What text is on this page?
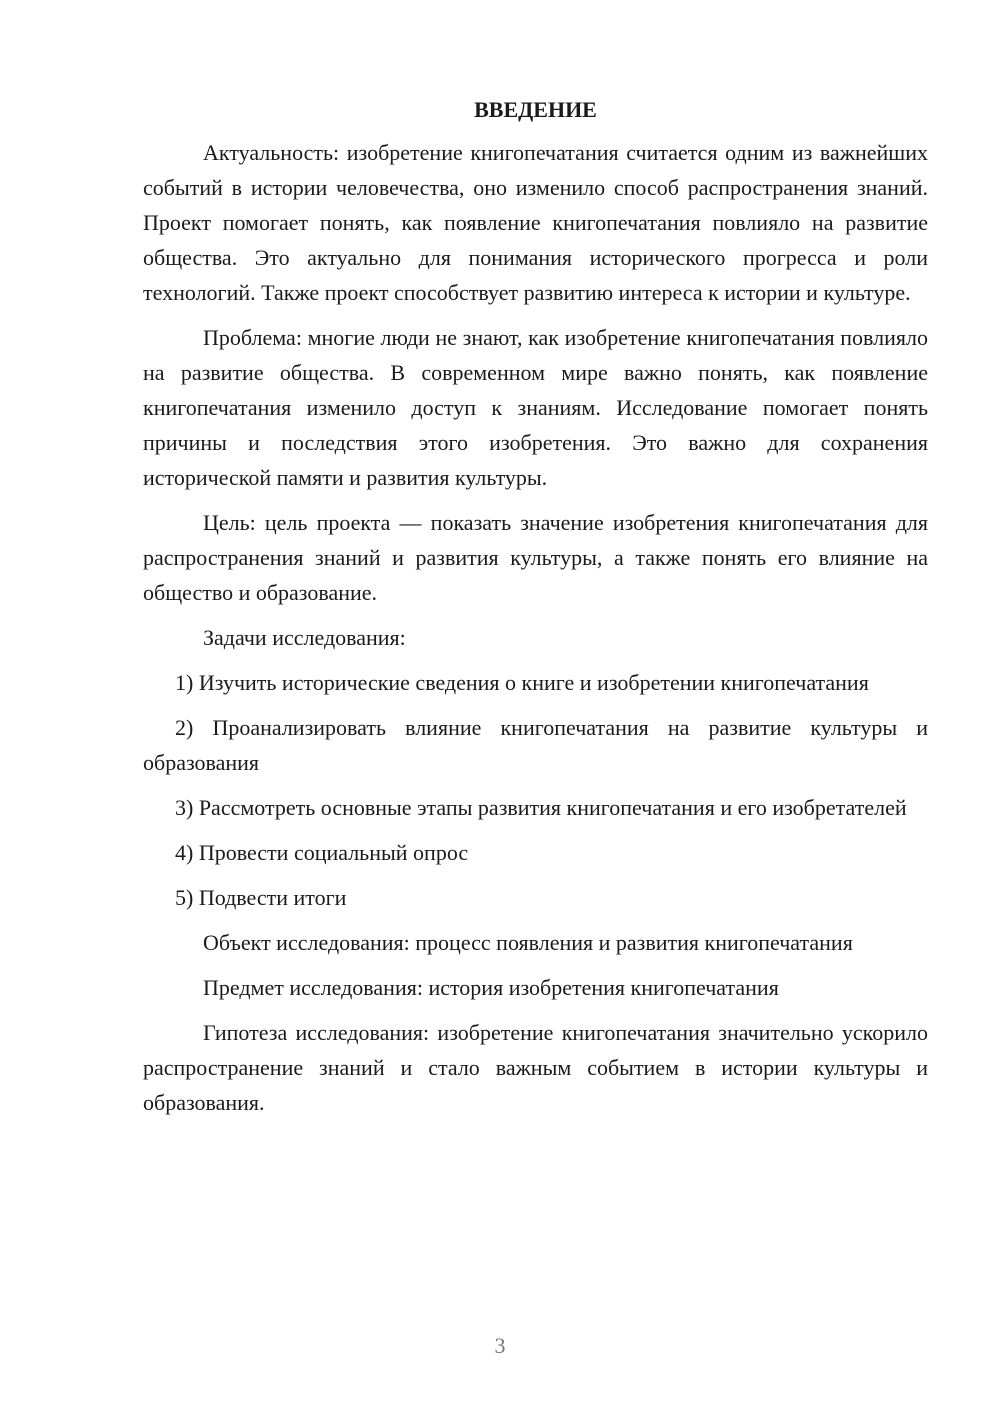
ВВЕДЕНИЕ

Актуальность: изобретение книгопечатания считается одним из важнейших событий в истории человечества, оно изменило способ распространения знаний. Проект помогает понять, как появление книгопечатания повлияло на развитие общества. Это актуально для понимания исторического прогресса и роли технологий. Также проект способствует развитию интереса к истории и культуре.

Проблема: многие люди не знают, как изобретение книгопечатания повлияло на развитие общества. В современном мире важно понять, как появление книгопечатания изменило доступ к знаниям. Исследование помогает понять причины и последствия этого изобретения. Это важно для сохранения исторической памяти и развития культуры.

Цель: цель проекта — показать значение изобретения книгопечатания для распространения знаний и развития культуры, а также понять его влияние на общество и образование.

Задачи исследования:

1) Изучить исторические сведения о книге и изобретении книгопечатания

2) Проанализировать влияние книгопечатания на развитие культуры и образования

3) Рассмотреть основные этапы развития книгопечатания и его изобретателей

4) Провести социальный опрос

5) Подвести итоги

Объект исследования: процесс появления и развития книгопечатания

Предмет исследования: история изобретения книгопечатания

Гипотеза исследования: изобретение книгопечатания значительно ускорило распространение знаний и стало важным событием в истории культуры и образования.

3
